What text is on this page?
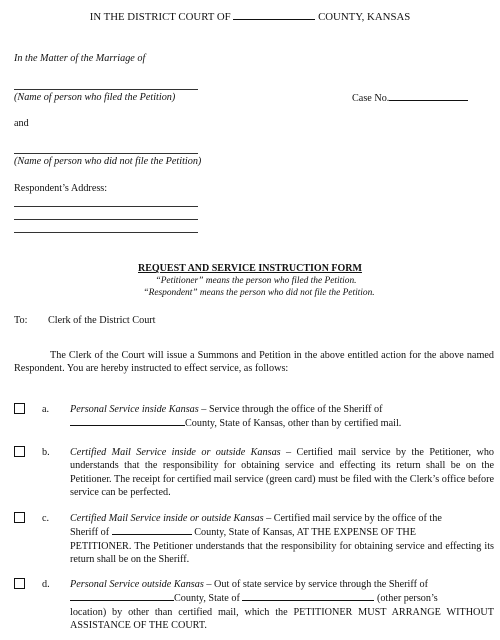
IN THE DISTRICT COURT OF	COUNTY, KANSAS
In the Matter of the Marriage of
(Name of person who filed the Petition)	Case No.
and
(Name of person who did not file the Petition)
Respondent’s Address:
REQUEST AND SERVICE INSTRUCTION FORM
“Petitioner” means the person who filed the Petition.
“Respondent” means the person who did not file the Petition.
To: Clerk of the District Court
The Clerk of the Court will issue a Summons and Petition in the above entitled action for the above named Respondent. You are hereby instructed to effect service, as follows:
a. Personal Service inside Kansas – Service through the office of the Sheriff of

County, State of Kansas, other than by certified mail.

b. Certified Mail Service inside or outside Kansas – Certified mail service by the Petitioner, who understands that the responsibility for obtaining service and effecting its return shall be on the Petitioner. The receipt for certified mail service (green card) must be filed with the Clerk’s office before service can be perfected.

c. Certified Mail Service inside or outside Kansas – Certified mail service by the office of the

Sheriff of	County, State of Kansas, AT THE EXPENSE OF THE

PETITIONER. The Petitioner understands that the responsibility for obtaining service and effecting its return shall be on the Sheriff.

d. Personal Service outside Kansas – Out of state service by service through the Sheriff of

County, State of	(other person’s

location) by other than certified mail, which the PETITIONER MUST ARRANGE WITHOUT ASSISTANCE OF THE COURT.
